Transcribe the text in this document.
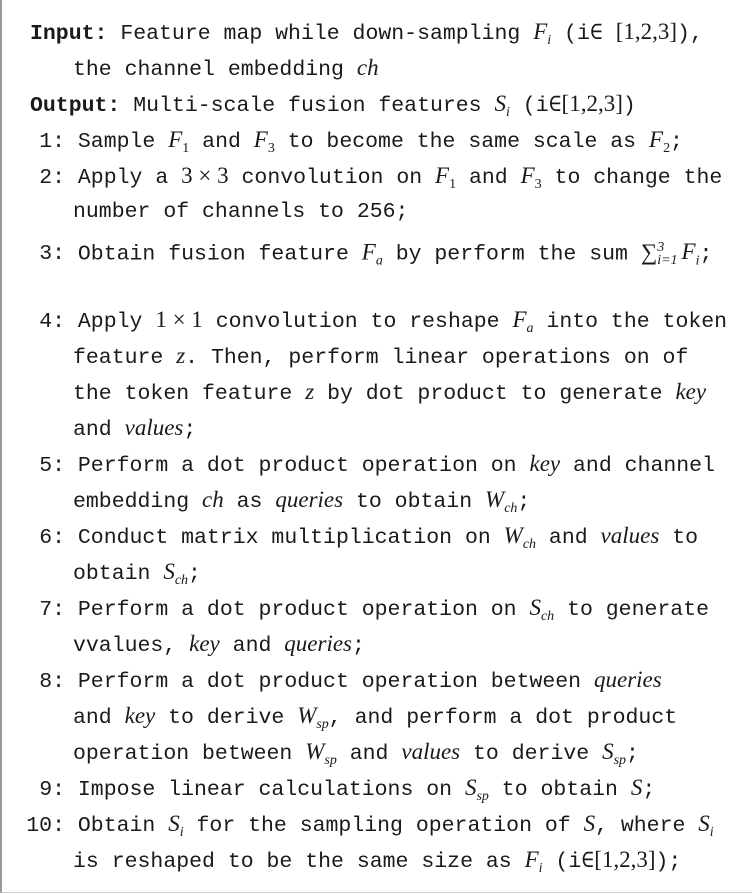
Input: Feature map while down-sampling $F_i$ (i∈ [1,2,3]),
the channel embedding ch
Output: Multi-scale fusion features $S_i$ (i∈[1,2,3])
1: Sample $F_1$ and $F_3$ to become the same scale as $F_2$;
2: Apply a 3 × 3 convolution on $F_1$ and $F_3$ to change the
number of channels to 256;
3: Obtain fusion feature $F_a$ by perform the sum ∑$^3_{i=1}$ $F_i$;
4: Apply 1 × 1 convolution to reshape $F_a$ into the token
feature z. Then, perform linear operations on of
the token feature z by dot product to generate key
and values;
5: Perform a dot product operation on key and channel
embedding ch as queries to obtain $W_{ch}$;
6: Conduct matrix multiplication on $W_{ch}$ and values to
obtain $S_{ch}$;
7: Perform a dot product operation on $S_{ch}$ to generate
vvalues, key and queries;
8: Perform a dot product operation between queries
and key to derive $W_{sp}$, and perform a dot product
operation between $W_{sp}$ and values to derive $S_{sp}$;
9: Impose linear calculations on $S_{sp}$ to obtain S;
10: Obtain $S_i$ for the sampling operation of S, where $S_i$
is reshaped to be the same size as $F_i$ (i∈[1,2,3]);
